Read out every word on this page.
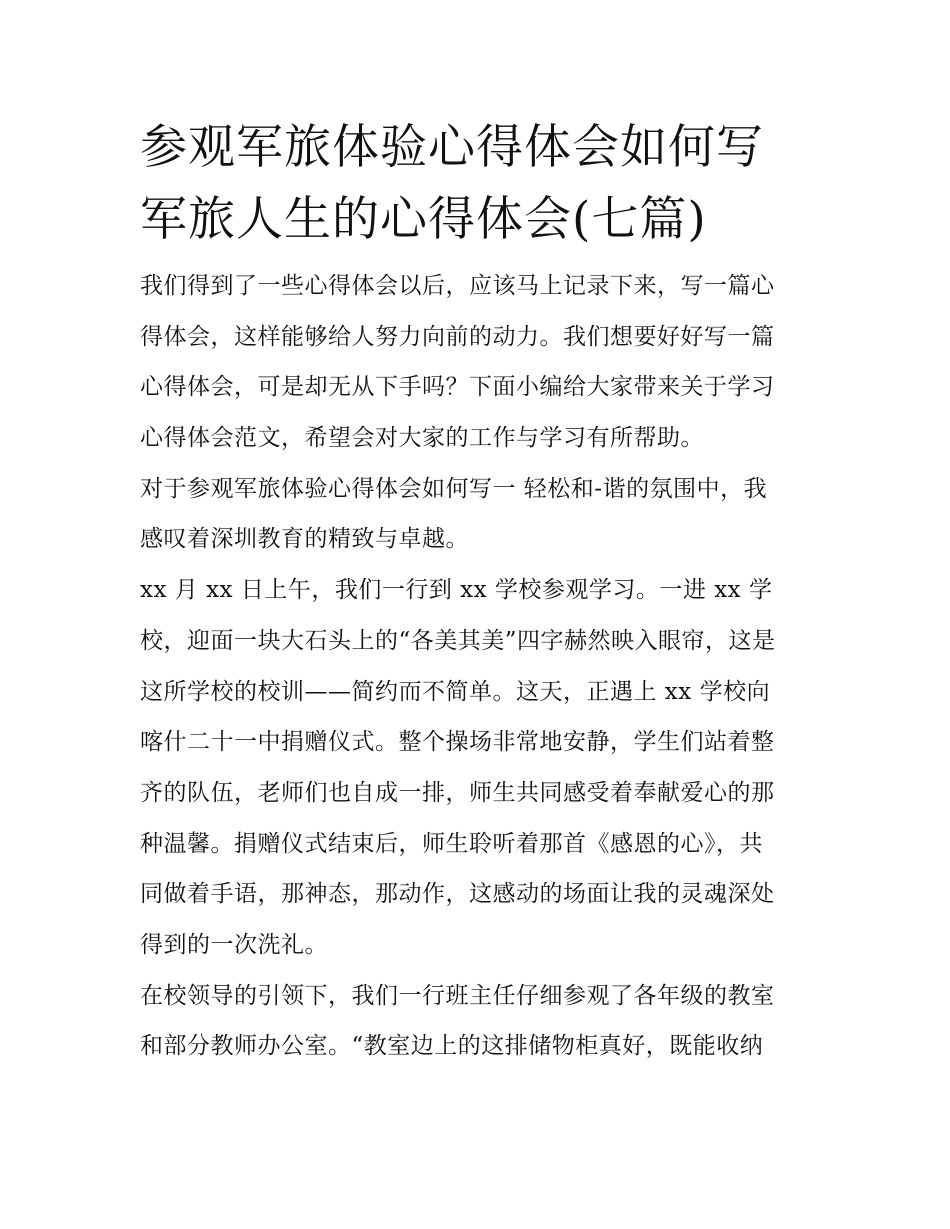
参观军旅体验心得体会如何写
军旅人生的心得体会(七篇)
我们得到了一些心得体会以后，应该马上记录下来，写一篇心
得体会，这样能够给人努力向前的动力。我们想要好好写一篇
心得体会，可是却无从下手吗？下面小编给大家带来关于学习
心得体会范文，希望会对大家的工作与学习有所帮助。
对于参观军旅体验心得体会如何写一 轻松和-谐的氛围中，我
感叹着深圳教育的精致与卓越。
xx 月 xx 日上午，我们一行到 xx 学校参观学习。一进 xx 学
校，迎面一块大石头上的“各美其美”四字赫然映入眼帘，这是
这所学校的校训——简约而不简单。这天，正遇上 xx 学校向
喀什二十一中捐赠仪式。整个操场非常地安静，学生们站着整
齐的队伍，老师们也自成一排，师生共同感受着奉献爱心的那
种温馨。捐赠仪式结束后，师生聆听着那首《感恩的心》，共
同做着手语，那神态，那动作，这感动的场面让我的灵魂深处
得到的一次洗礼。
在校领导的引领下，我们一行班主任仔细参观了各年级的教室
和部分教师办公室。“教室边上的这排储物柜真好，既能收纳
